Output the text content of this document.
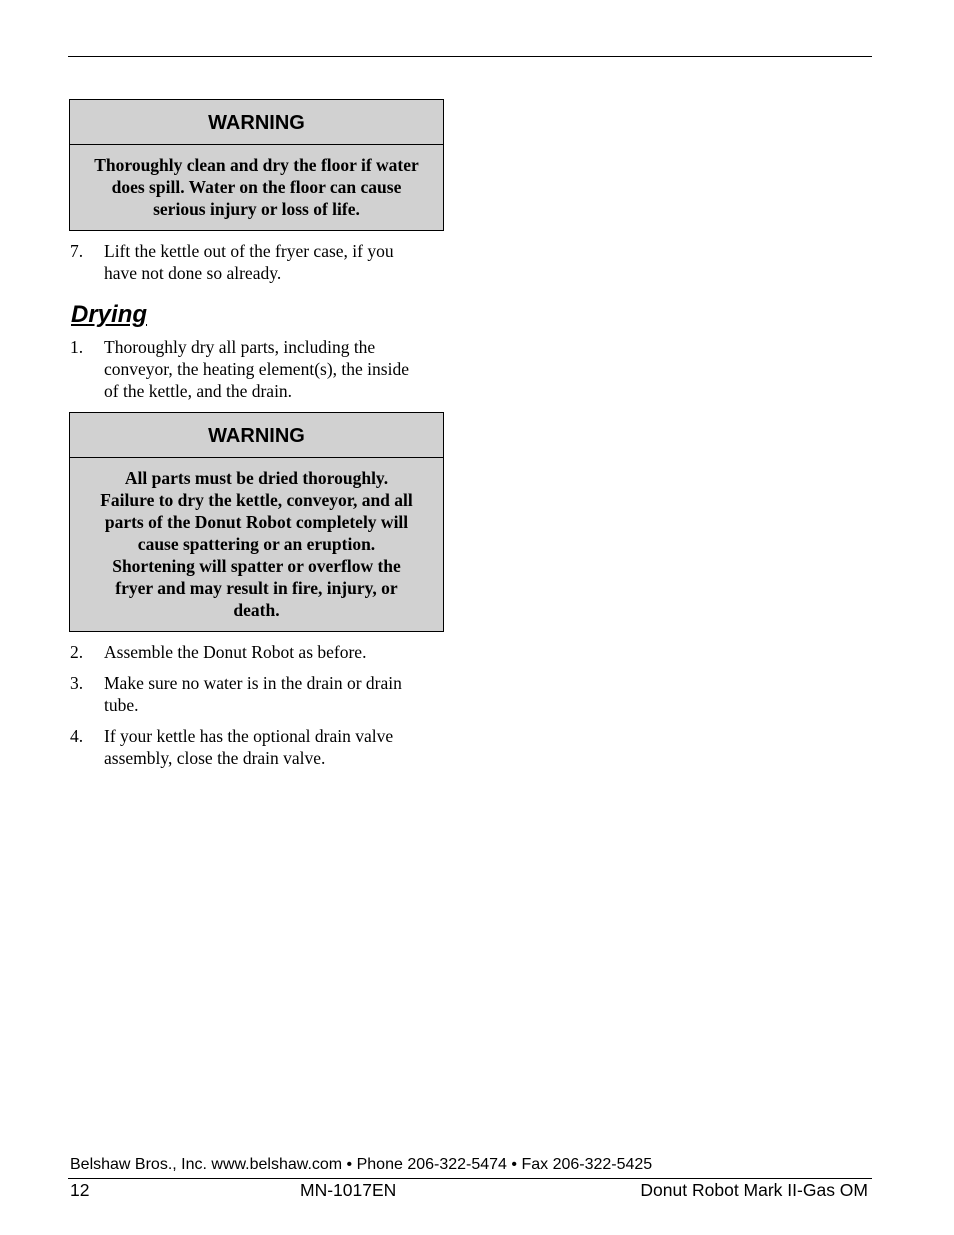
WARNING
Thoroughly clean and dry the floor if water
does spill. Water on the floor can cause
serious injury or loss of life.
7. Lift the kettle out of the fryer case, if you
have not done so already.
Drying
1. Thoroughly dry all parts, including the
conveyor, the heating element(s), the inside
of the kettle, and the drain.
WARNING
All parts must be dried thoroughly.
Failure to dry the kettle, conveyor, and all
parts of the Donut Robot completely will
cause spattering or an eruption.
Shortening will spatter or overflow the
fryer and may result in fire, injury, or
death.
2. Assemble the Donut Robot as before.
3. Make sure no water is in the drain or drain
tube.
4. If your kettle has the optional drain valve
assembly, close the drain valve.
Belshaw Bros., Inc. www.belshaw.com • Phone 206-322-5474 • Fax 206-322-5425
12	MN-1017EN	Donut Robot Mark II-Gas OM
